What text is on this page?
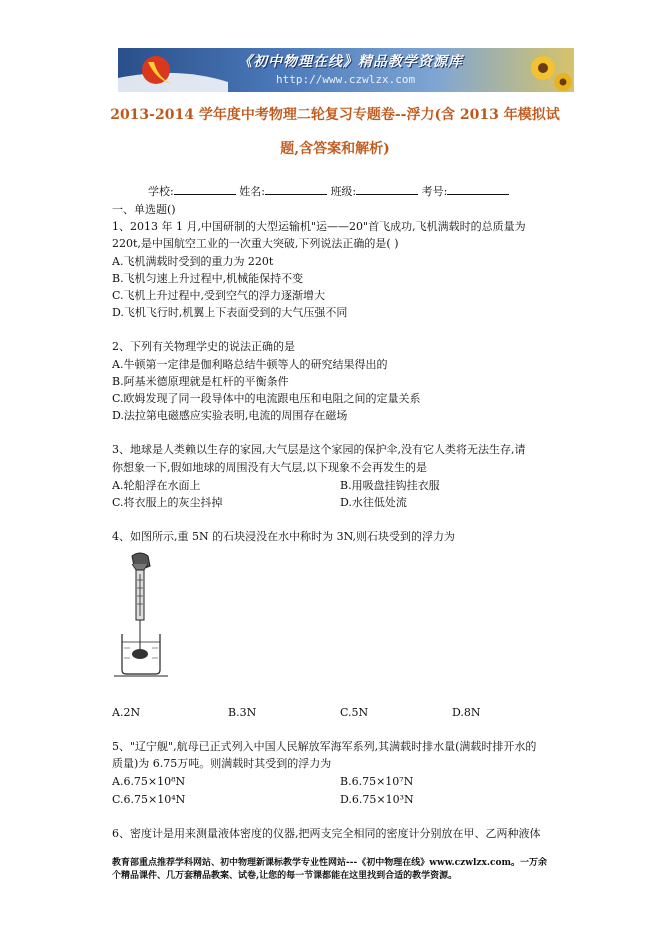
《初中物理在线》精品教学资源库
http://www.czwlzx.com
2013-2014 学年度中考物理二轮复习专题卷--浮力(含 2013 年模拟试
题,含答案和解析)
学校:	姓名:	班级:	考号:
一、单选题()
1、2013 年 1 月,中国研制的大型运输机"运——20"首飞成功,飞机满载时的总质量为
220t,是中国航空工业的一次重大突破,下列说法正确的是( )
A.飞机满载时受到的重力为 220t
B.飞机匀速上升过程中,机械能保持不变
C.飞机上升过程中,受到空气的浮力逐渐增大
D.飞机飞行时,机翼上下表面受到的大气压强不同
2、下列有关物理学史的说法正确的是
A.牛顿第一定律是伽利略总结牛顿等人的研究结果得出的
B.阿基米德原理就是杠杆的平衡条件
C.欧姆发现了同一段导体中的电流跟电压和电阻之间的定量关系
D.法拉第电磁感应实验表明,电流的周围存在磁场
3、地球是人类赖以生存的家园,大气层是这个家园的保护伞,没有它人类将无法生存,请
你想象一下,假如地球的周围没有大气层,以下现象不会再发生的是
A.轮船浮在水面上	B.用吸盘挂钩挂衣服
C.将衣服上的灰尘抖掉	D.水往低处流
4、如图所示,重 5N 的石块浸没在水中称时为 3N,则石块受到的浮力为
A.2N	B.3N	C.5N	D.8N
5、"辽宁舰",航母已正式列入中国人民解放军海军系列,其满载时排水量(满载时排开水的
质量)为 6.75万吨。则满载时其受到的浮力为
A.6.75×10⁸N	B.6.75×10⁷N
C.6.75×10⁴N	D.6.75×10³N
6、密度计是用来测量液体密度的仪器,把两支完全相同的密度计分别放在甲、乙两种液体
教育部重点推荐学科网站、初中物理新课标教学专业性网站---《初中物理在线》www.czwlzx.com。一万余
个精品课件、几万套精品教案、试卷,让您的每一节课都能在这里找到合适的教学资源。
